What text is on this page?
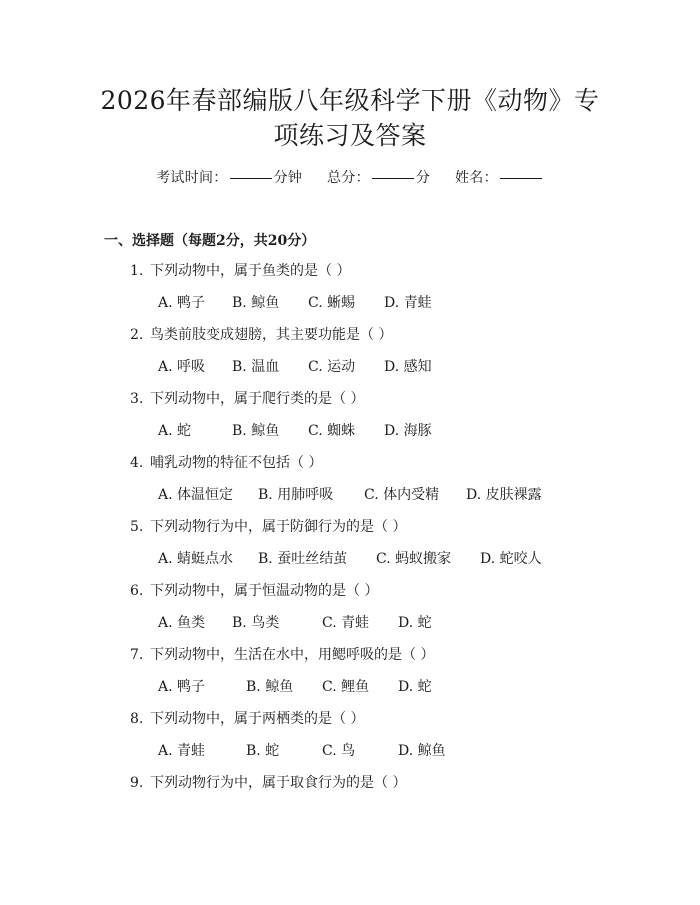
2026年春部编版八年级科学下册《动物》专
项练习及答案
考试时间：	分钟 总分：	分 姓名：
一、选择题（每题2分，共20分）
1. 下列动物中，属于鱼类的是（ ）
A. 鸭子 B. 鲸鱼 C. 蜥蜴 D. 青蛙
2. 鸟类前肢变成翅膀，其主要功能是（ ）
A. 呼吸 B. 温血 C. 运动 D. 感知
3. 下列动物中，属于爬行类的是（ ）
A. 蛇	B. 鲸鱼 C. 蜘蛛 D. 海豚
4. 哺乳动物的特征不包括（ ）
A. 体温恒定 B. 用肺呼吸 C. 体内受精 D. 皮肤裸露
5. 下列动物行为中，属于防御行为的是（ ）
A. 蜻蜓点水 B. 蚕吐丝结茧 C. 蚂蚁搬家 D. 蛇咬人
6. 下列动物中，属于恒温动物的是（ ）
A. 鱼类 B. 鸟类	C. 青蛙 D. 蛇
7. 下列动物中，生活在水中，用鳃呼吸的是（ ）
A. 鸭子	B. 鲸鱼 C. 鲤鱼 D. 蛇
8. 下列动物中，属于两栖类的是（ ）
A. 青蛙	B. 蛇	C. 鸟	D. 鲸鱼
9. 下列动物行为中，属于取食行为的是（ ）
